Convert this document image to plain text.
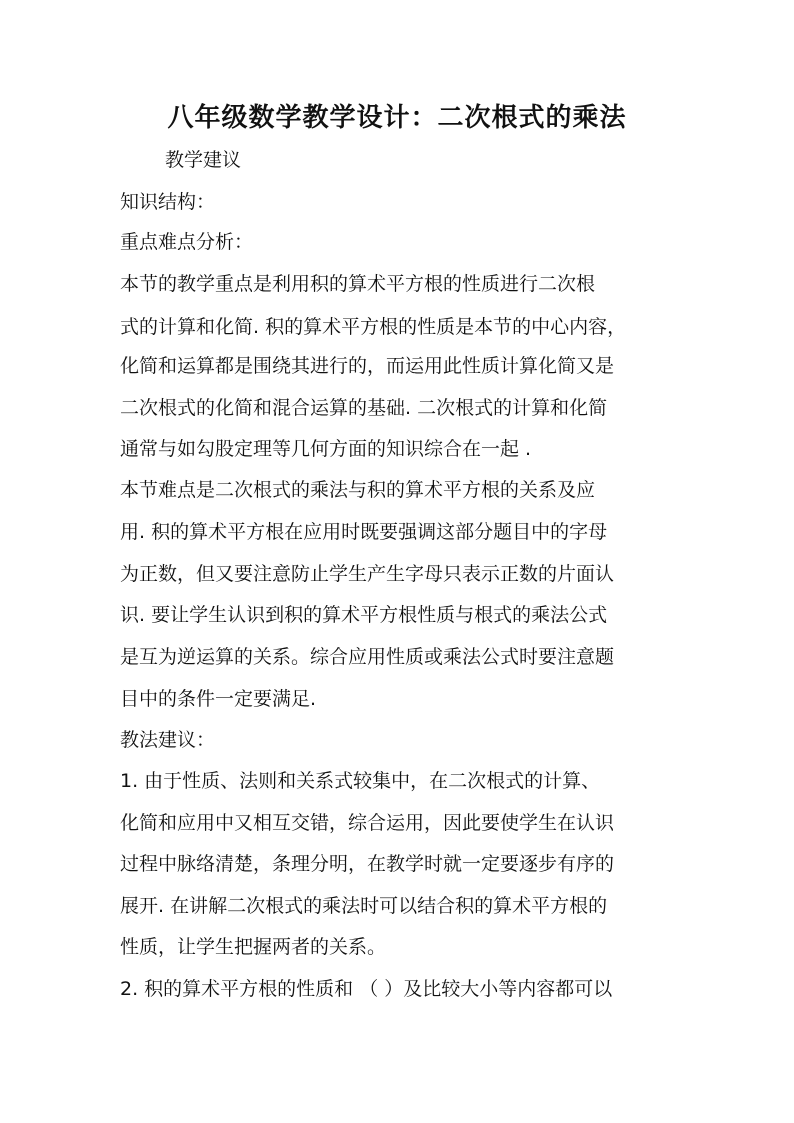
八年级数学教学设计：二次根式的乘法
教学建议
知识结构：
重点难点分析：
本节的教学重点是利用积的算术平方根的性质进行二次根
式的计算和化简. 积的算术平方根的性质是本节的中心内容，
化简和运算都是围绕其进行的，而运用此性质计算化简又是
二次根式的化简和混合运算的基础. 二次根式的计算和化简
通常与如勾股定理等几何方面的知识综合在一起 .
本节难点是二次根式的乘法与积的算术平方根的关系及应
用. 积的算术平方根在应用时既要强调这部分题目中的字母
为正数，但又要注意防止学生产生字母只表示正数的片面认
识. 要让学生认识到积的算术平方根性质与根式的乘法公式
是互为逆运算的关系。综合应用性质或乘法公式时要注意题
目中的条件一定要满足.
教法建议：
1. 由于性质、法则和关系式较集中，在二次根式的计算、
化简和应用中又相互交错，综合运用，因此要使学生在认识
过程中脉络清楚，条理分明，在教学时就一定要逐步有序的
展开. 在讲解二次根式的乘法时可以结合积的算术平方根的
性质，让学生把握两者的关系。
2. 积的算术平方根的性质和 （ ）及比较大小等内容都可以
